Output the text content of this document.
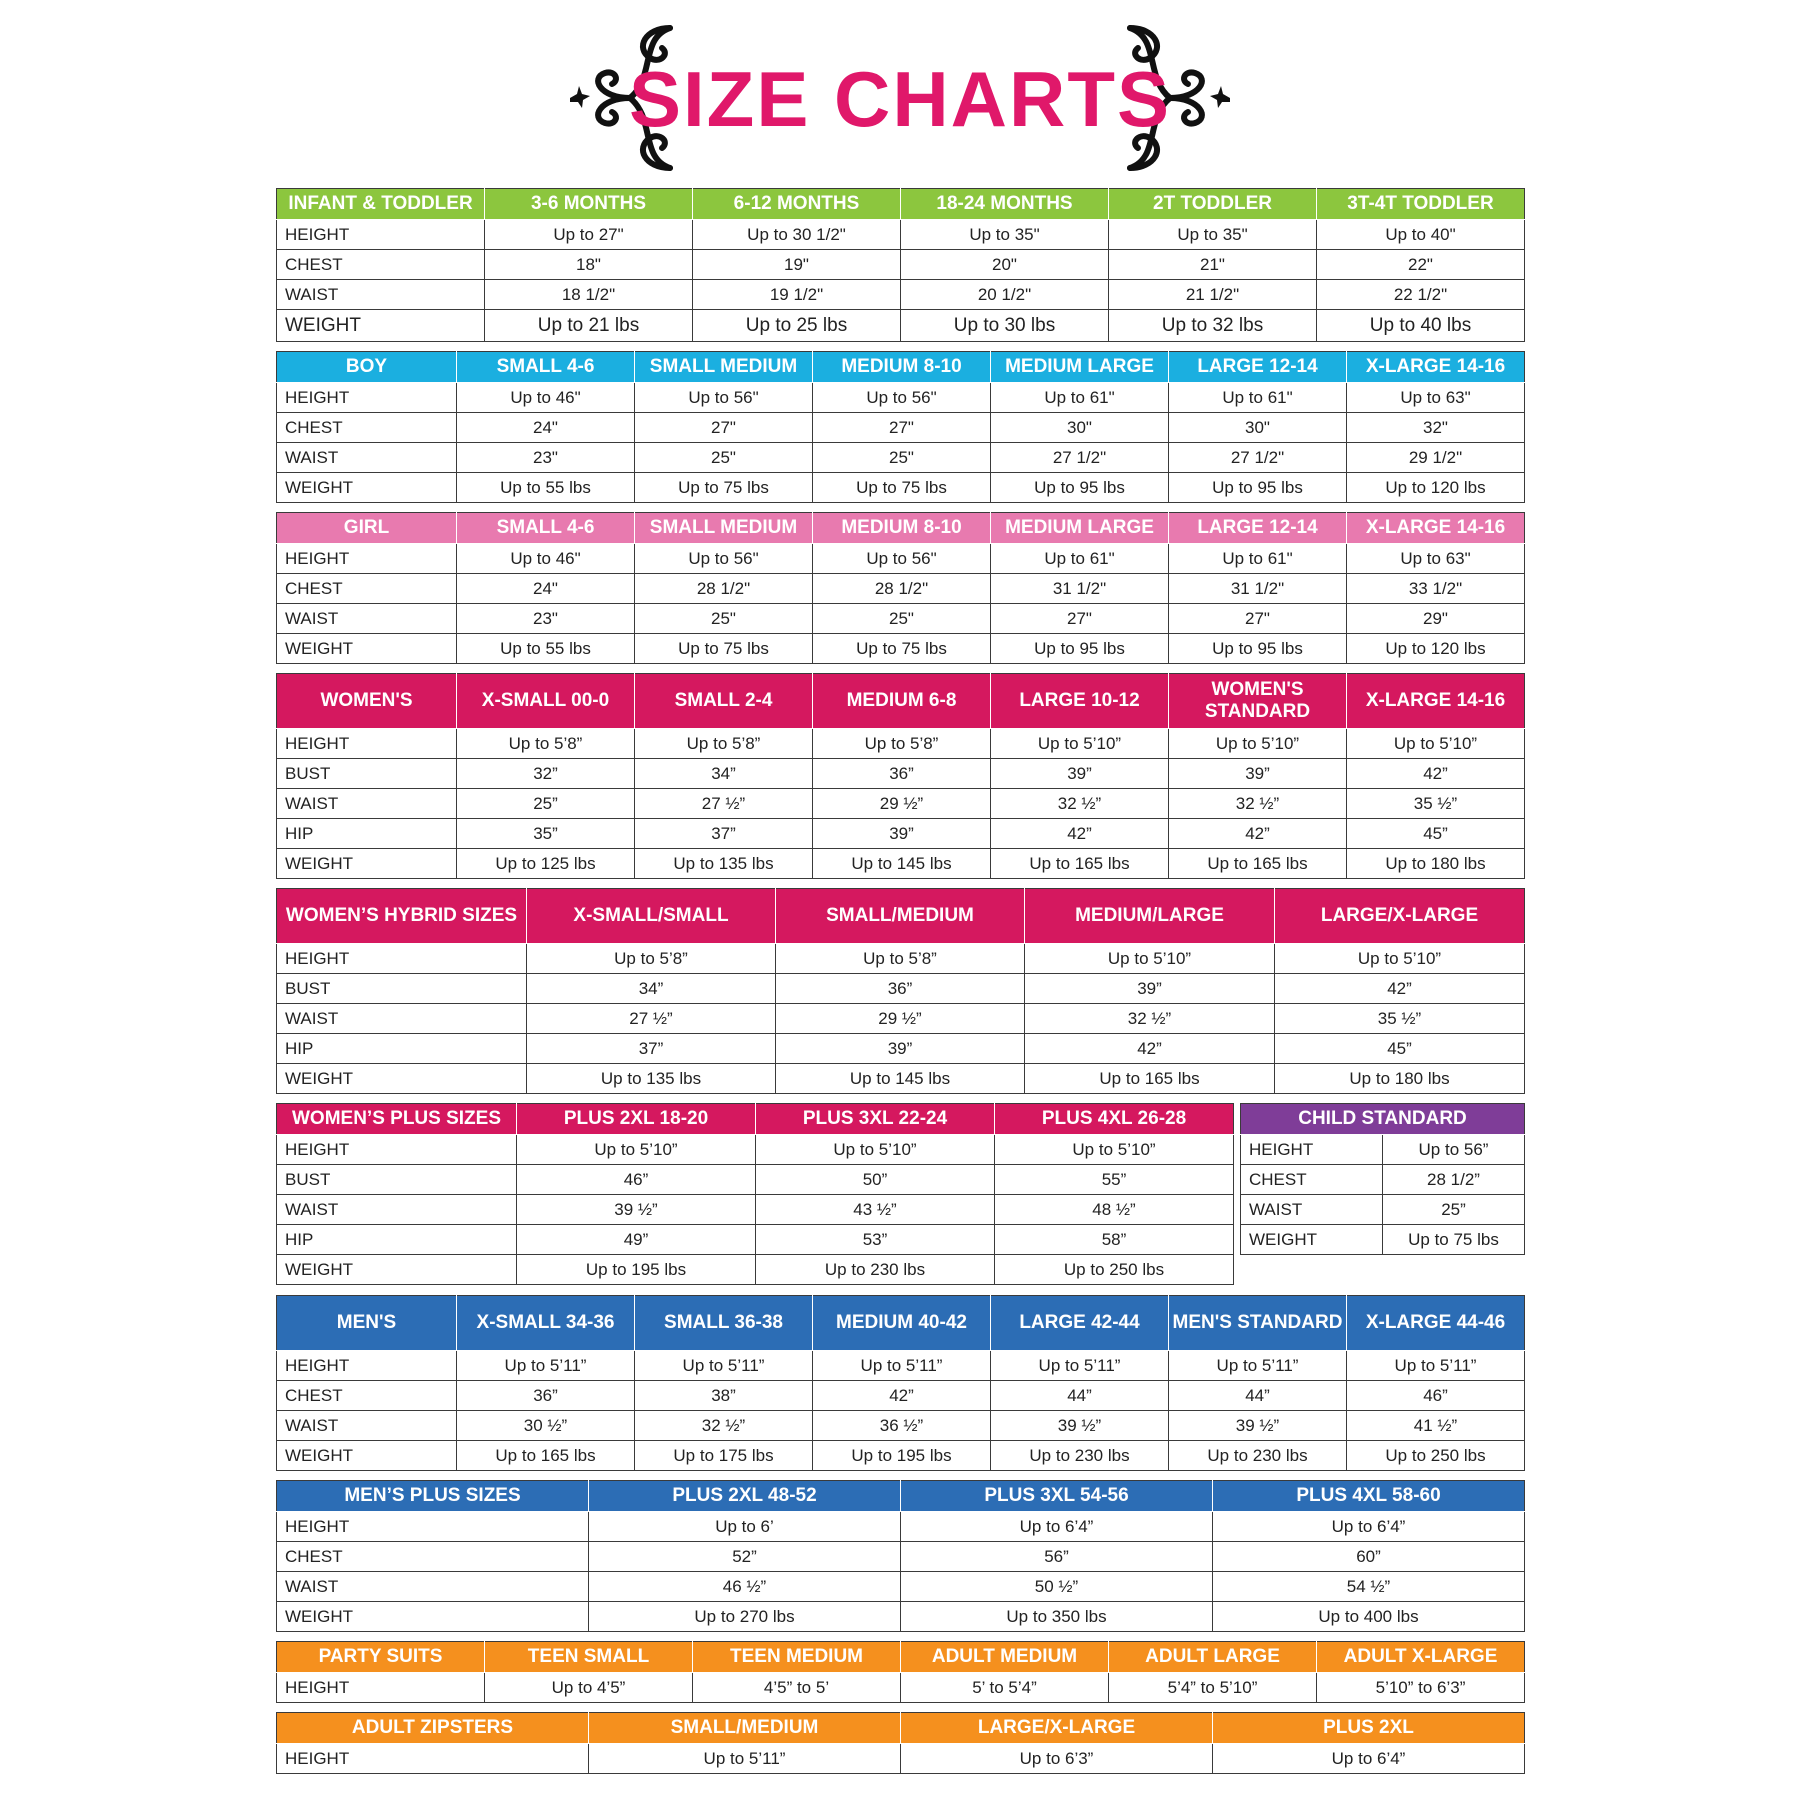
SIZE CHARTS
INFANT & TODDLER	3-6 MONTHS	6-12 MONTHS	18-24 MONTHS	2T TODDLER	3T-4T TODDLER
HEIGHT	Up to 27"	Up to 30 1/2"	Up to 35"	Up to 35"	Up to 40"
CHEST	18"	19"	20"	21"	22"
WAIST	18 1/2"	19 1/2"	20 1/2"	21 1/2"	22 1/2"
WEIGHT	Up to 21 lbs	Up to 25 lbs	Up to 30 lbs	Up to 32 lbs	Up to 40 lbs
BOY	SMALL 4-6	SMALL MEDIUM	MEDIUM 8-10	MEDIUM LARGE	LARGE 12-14	X-LARGE 14-16
HEIGHT	Up to 46"	Up to 56"	Up to 56"	Up to 61"	Up to 61"	Up to 63"
CHEST	24"	27"	27"	30"	30"	32"
WAIST	23"	25"	25"	27 1/2"	27 1/2"	29 1/2"
WEIGHT	Up to 55 lbs	Up to 75 lbs	Up to 75 lbs	Up to 95 lbs	Up to 95 lbs	Up to 120 lbs
GIRL	SMALL 4-6	SMALL MEDIUM	MEDIUM 8-10	MEDIUM LARGE	LARGE 12-14	X-LARGE 14-16
HEIGHT	Up to 46"	Up to 56"	Up to 56"	Up to 61"	Up to 61"	Up to 63"
CHEST	24"	28 1/2"	28 1/2"	31 1/2"	31 1/2"	33 1/2"
WAIST	23"	25"	25"	27"	27"	29"
WEIGHT	Up to 55 lbs	Up to 75 lbs	Up to 75 lbs	Up to 95 lbs	Up to 95 lbs	Up to 120 lbs
WOMEN'S	X-SMALL 00-0	SMALL 2-4	MEDIUM 6-8	LARGE 10-12	WOMEN'S STANDARD	X-LARGE 14-16
HEIGHT	Up to 5’8”	Up to 5’8”	Up to 5’8”	Up to 5’10”	Up to 5’10”	Up to 5’10”
BUST	32”	34”	36”	39”	39”	42”
WAIST	25”	27 ½”	29 ½”	32 ½”	32 ½”	35 ½”
HIP	35”	37”	39”	42”	42”	45”
WEIGHT	Up to 125 lbs	Up to 135 lbs	Up to 145 lbs	Up to 165 lbs	Up to 165 lbs	Up to 180 lbs
WOMEN’S HYBRID SIZES	X-SMALL/SMALL	SMALL/MEDIUM	MEDIUM/LARGE	LARGE/X-LARGE
HEIGHT	Up to 5’8”	Up to 5’8”	Up to 5’10”	Up to 5’10”
BUST	34”	36”	39”	42”
WAIST	27 ½”	29 ½”	32 ½”	35 ½”
HIP	37”	39”	42”	45”
WEIGHT	Up to 135 lbs	Up to 145 lbs	Up to 165 lbs	Up to 180 lbs
WOMEN’S PLUS SIZES	PLUS 2XL 18-20	PLUS 3XL 22-24	PLUS 4XL 26-28
HEIGHT	Up to 5’10”	Up to 5’10”	Up to 5’10”
BUST	46”	50”	55”
WAIST	39 ½”	43 ½”	48 ½”
HIP	49”	53”	58”
WEIGHT	Up to 195 lbs	Up to 230 lbs	Up to 250 lbs
CHILD STANDARD	
HEIGHT	Up to 56”
CHEST	28 1/2”
WAIST	25”
WEIGHT	Up to 75 lbs
MEN'S	X-SMALL 34-36	SMALL 36-38	MEDIUM 40-42	LARGE 42-44	MEN'S STANDARD	X-LARGE 44-46
HEIGHT	Up to 5’11”	Up to 5’11”	Up to 5’11”	Up to 5’11”	Up to 5’11”	Up to 5’11”
CHEST	36”	38”	42”	44”	44”	46”
WAIST	30 ½”	32 ½”	36 ½”	39 ½”	39 ½”	41 ½”
WEIGHT	Up to 165 lbs	Up to 175 lbs	Up to 195 lbs	Up to 230 lbs	Up to 230 lbs	Up to 250 lbs
MEN’S PLUS SIZES	PLUS 2XL 48-52	PLUS 3XL 54-56	PLUS 4XL 58-60
HEIGHT	Up to 6’	Up to 6’4”	Up to 6’4”
CHEST	52”	56”	60”
WAIST	46 ½”	50 ½”	54 ½”
WEIGHT	Up to 270 lbs	Up to 350 lbs	Up to 400 lbs
PARTY SUITS	TEEN SMALL	TEEN MEDIUM	ADULT MEDIUM	ADULT LARGE	ADULT X-LARGE
HEIGHT	Up to 4’5”	4’5” to 5’	5’ to 5’4”	5’4” to 5’10”	5’10” to 6’3”
ADULT ZIPSTERS	SMALL/MEDIUM	LARGE/X-LARGE	PLUS 2XL
HEIGHT	Up to 5’11”	Up to 6’3”	Up to 6’4”
